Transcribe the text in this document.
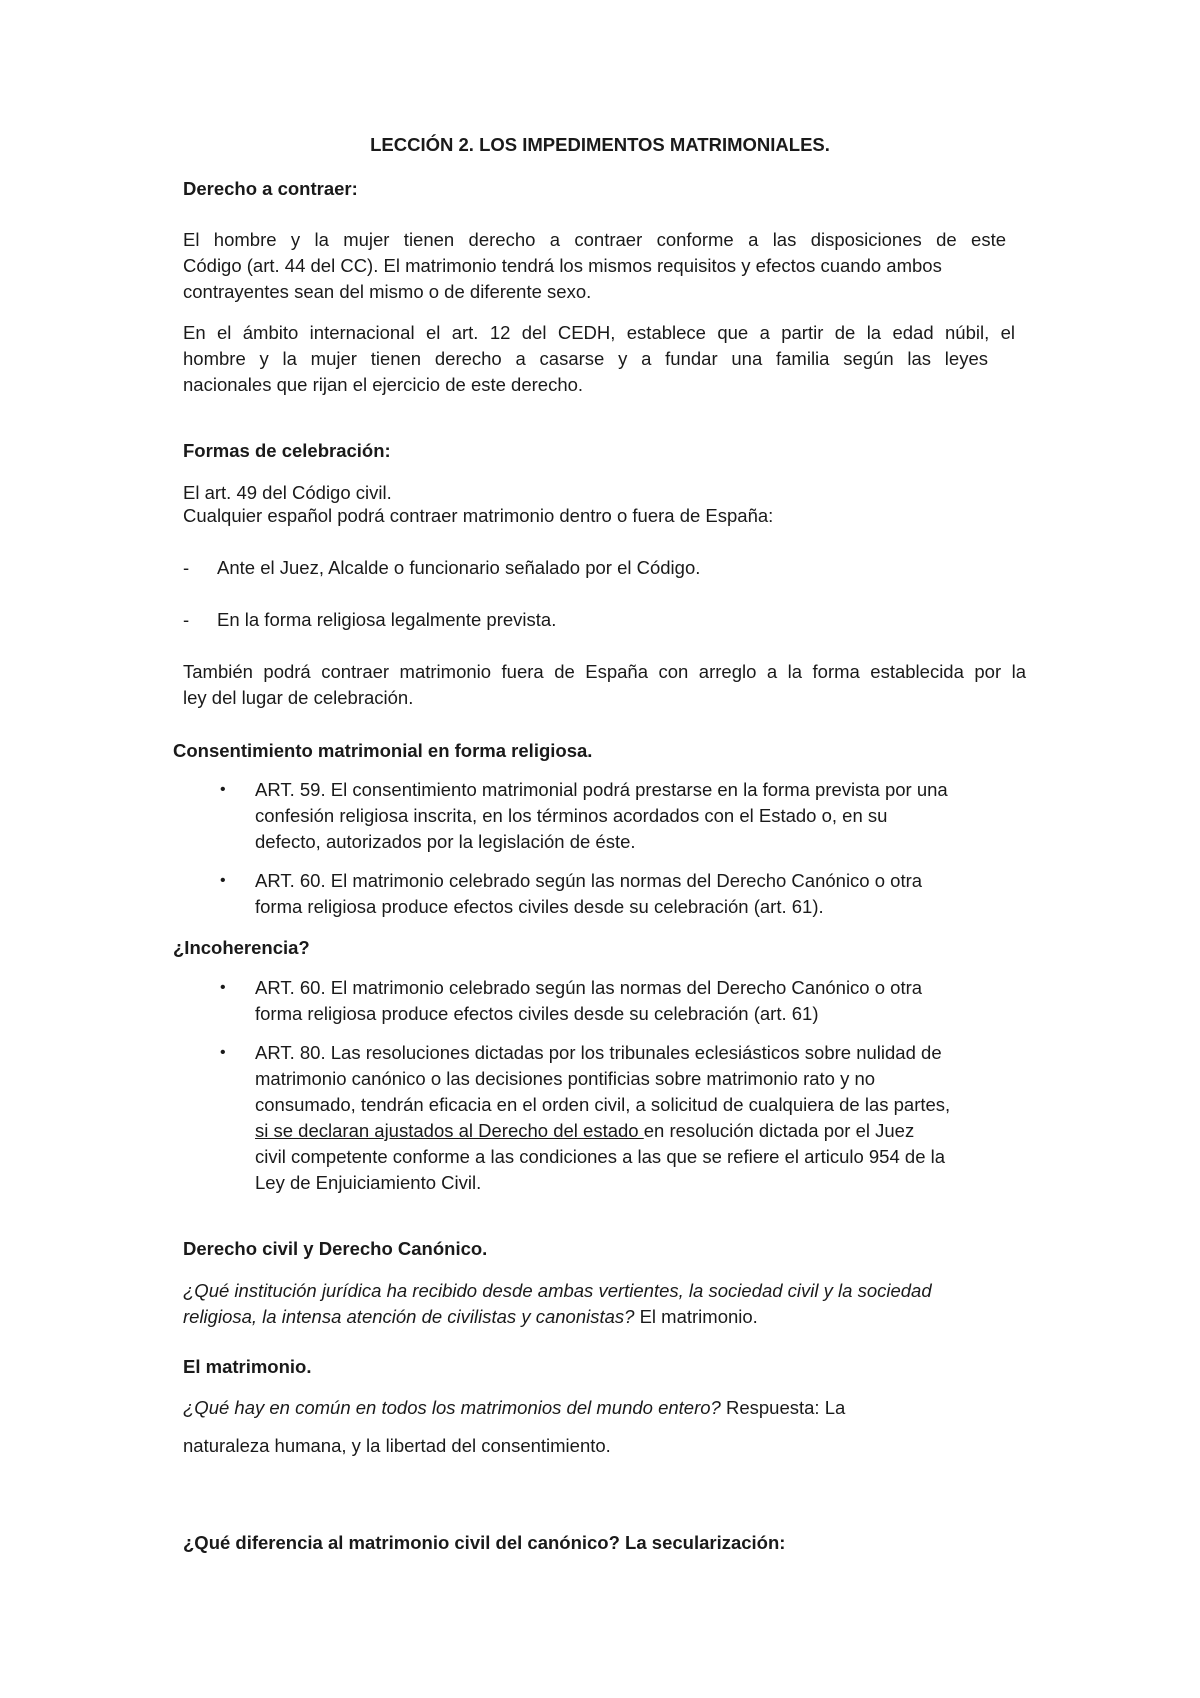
LECCIÓN 2. LOS IMPEDIMENTOS MATRIMONIALES.

Derecho a contraer:

El hombre y la mujer tienen derecho a contraer conforme a las disposiciones de este

Código (art. 44 del CC). El matrimonio tendrá los mismos requisitos y efectos cuando ambos

contrayentes sean del mismo o de diferente sexo.

En el ámbito internacional el art. 12 del CEDH, establece que a partir de la edad núbil, el

hombre y la mujer tienen derecho a casarse y a fundar una familia según las leyes

nacionales que rijan el ejercicio de este derecho.

Formas de celebración:

El art. 49 del Código civil.

Cualquier español podrá contraer matrimonio dentro o fuera de España:

- Ante el Juez, Alcalde o funcionario señalado por el Código.

- En la forma religiosa legalmente prevista.

También podrá contraer matrimonio fuera de España con arreglo a la forma establecida por la

ley del lugar de celebración.

Consentimiento matrimonial en forma religiosa.

• ART. 59. El consentimiento matrimonial podrá prestarse en la forma prevista por una

confesión religiosa inscrita, en los términos acordados con el Estado o, en su

defecto, autorizados por la legislación de éste.

• ART. 60. El matrimonio celebrado según las normas del Derecho Canónico o otra

forma religiosa produce efectos civiles desde su celebración (art. 61).

¿Incoherencia?

• ART. 60. El matrimonio celebrado según las normas del Derecho Canónico o otra

forma religiosa produce efectos civiles desde su celebración (art. 61)

• ART. 80. Las resoluciones dictadas por los tribunales eclesiásticos sobre nulidad de

matrimonio canónico o las decisiones pontificias sobre matrimonio rato y no

consumado, tendrán eficacia en el orden civil, a solicitud de cualquiera de las partes,

si se declaran ajustados al Derecho del estado en resolución dictada por el Juez

civil competente conforme a las condiciones a las que se refiere el articulo 954 de la

Ley de Enjuiciamiento Civil.

Derecho civil y Derecho Canónico.

¿Qué institución jurídica ha recibido desde ambas vertientes, la sociedad civil y la sociedad

religiosa, la intensa atención de civilistas y canonistas? El matrimonio.

El matrimonio.

¿Qué hay en común en todos los matrimonios del mundo entero? Respuesta: La

naturaleza humana, y la libertad del consentimiento.

¿Qué diferencia al matrimonio civil del canónico? La secularización:
